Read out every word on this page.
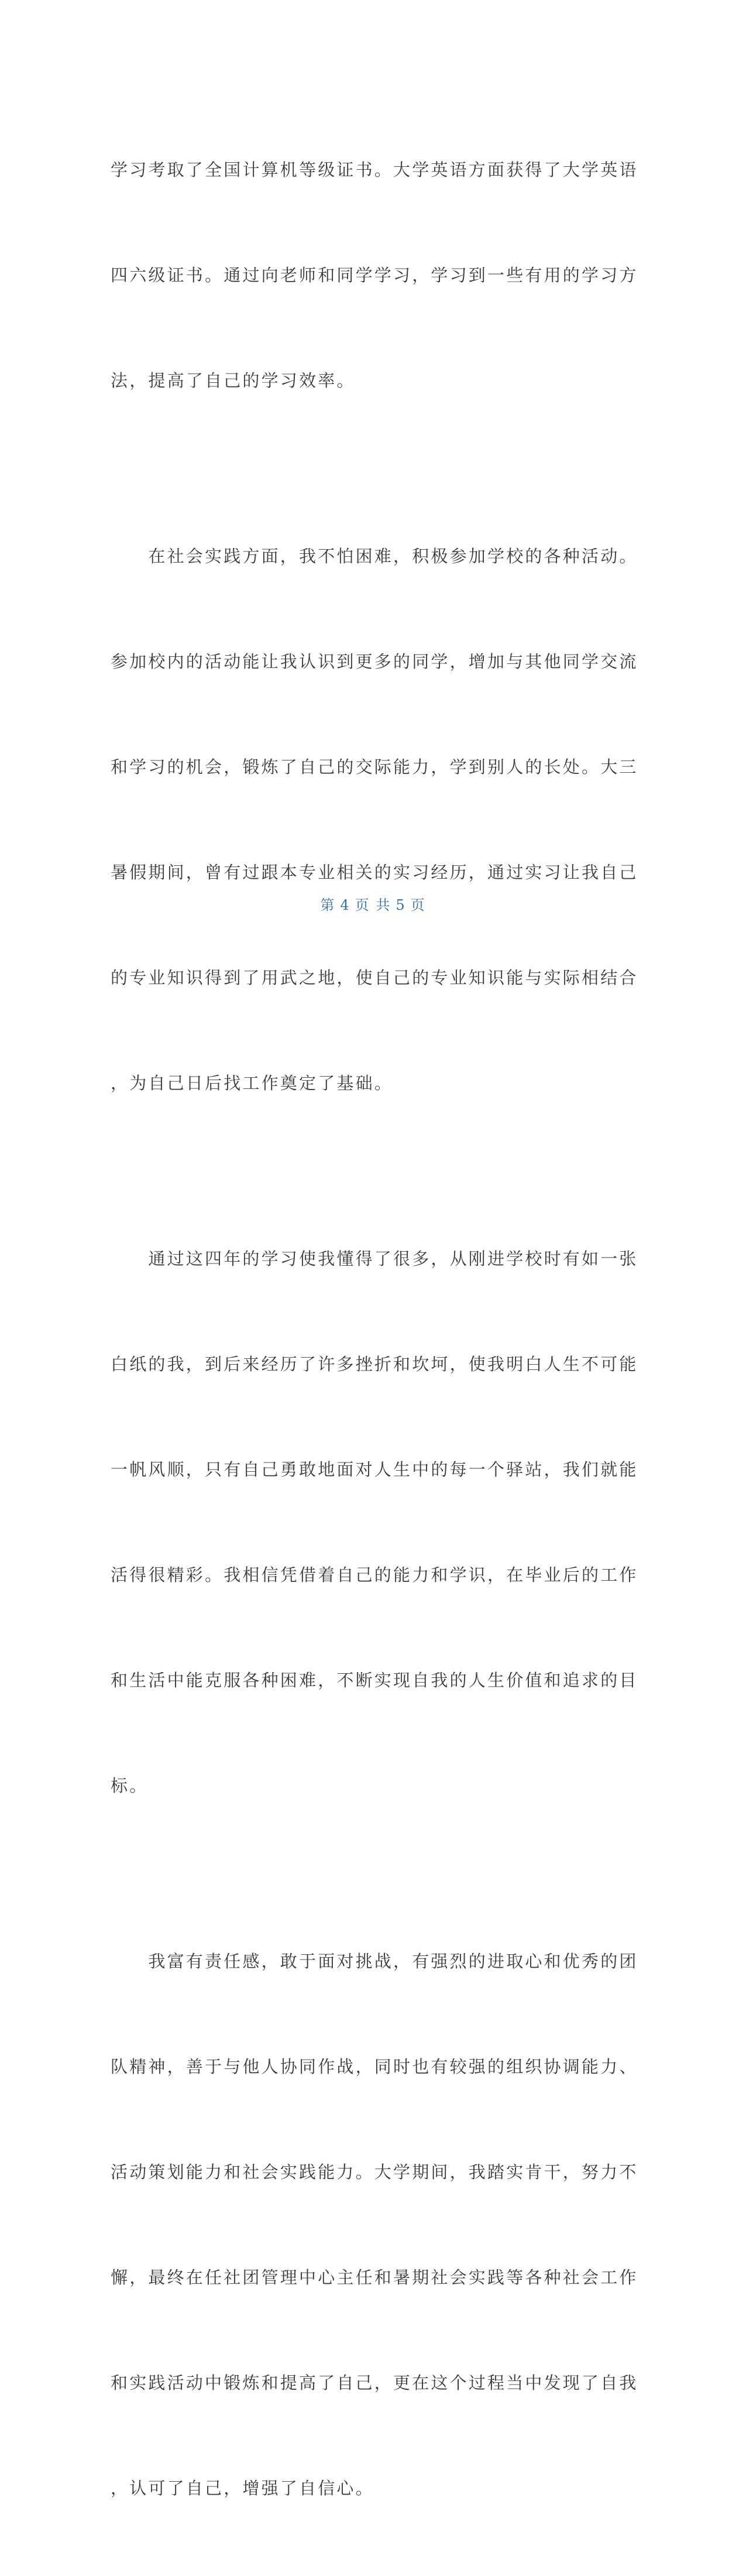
学习考取了全国计算机等级证书。大学英语方面获得了大学英语

四六级证书。通过向老师和同学学习，学习到一些有用的学习方

法，提高了自己的学习效率。

　　在社会实践方面，我不怕困难，积极参加学校的各种活动。

参加校内的活动能让我认识到更多的同学，增加与其他同学交流

和学习的机会，锻炼了自己的交际能力，学到别人的长处。大三

暑假期间，曾有过跟本专业相关的实习经历，通过实习让我自己

的专业知识得到了用武之地，使自己的专业知识能与实际相结合

，为自己日后找工作奠定了基础。

　　通过这四年的学习使我懂得了很多，从刚进学校时有如一张

白纸的我，到后来经历了许多挫折和坎坷，使我明白人生不可能

一帆风顺，只有自己勇敢地面对人生中的每一个驿站，我们就能

活得很精彩。我相信凭借着自己的能力和学识，在毕业后的工作

和生活中能克服各种困难，不断实现自我的人生价值和追求的目

标。

　　我富有责任感，敢于面对挑战，有强烈的进取心和优秀的团

队精神，善于与他人协同作战，同时也有较强的组织协调能力、

活动策划能力和社会实践能力。大学期间，我踏实肯干，努力不

懈，最终在任社团管理中心主任和暑期社会实践等各种社会工作

和实践活动中锻炼和提高了自己，更在这个过程当中发现了自我

，认可了自己，增强了自信心。

第 4 页 共 5 页
